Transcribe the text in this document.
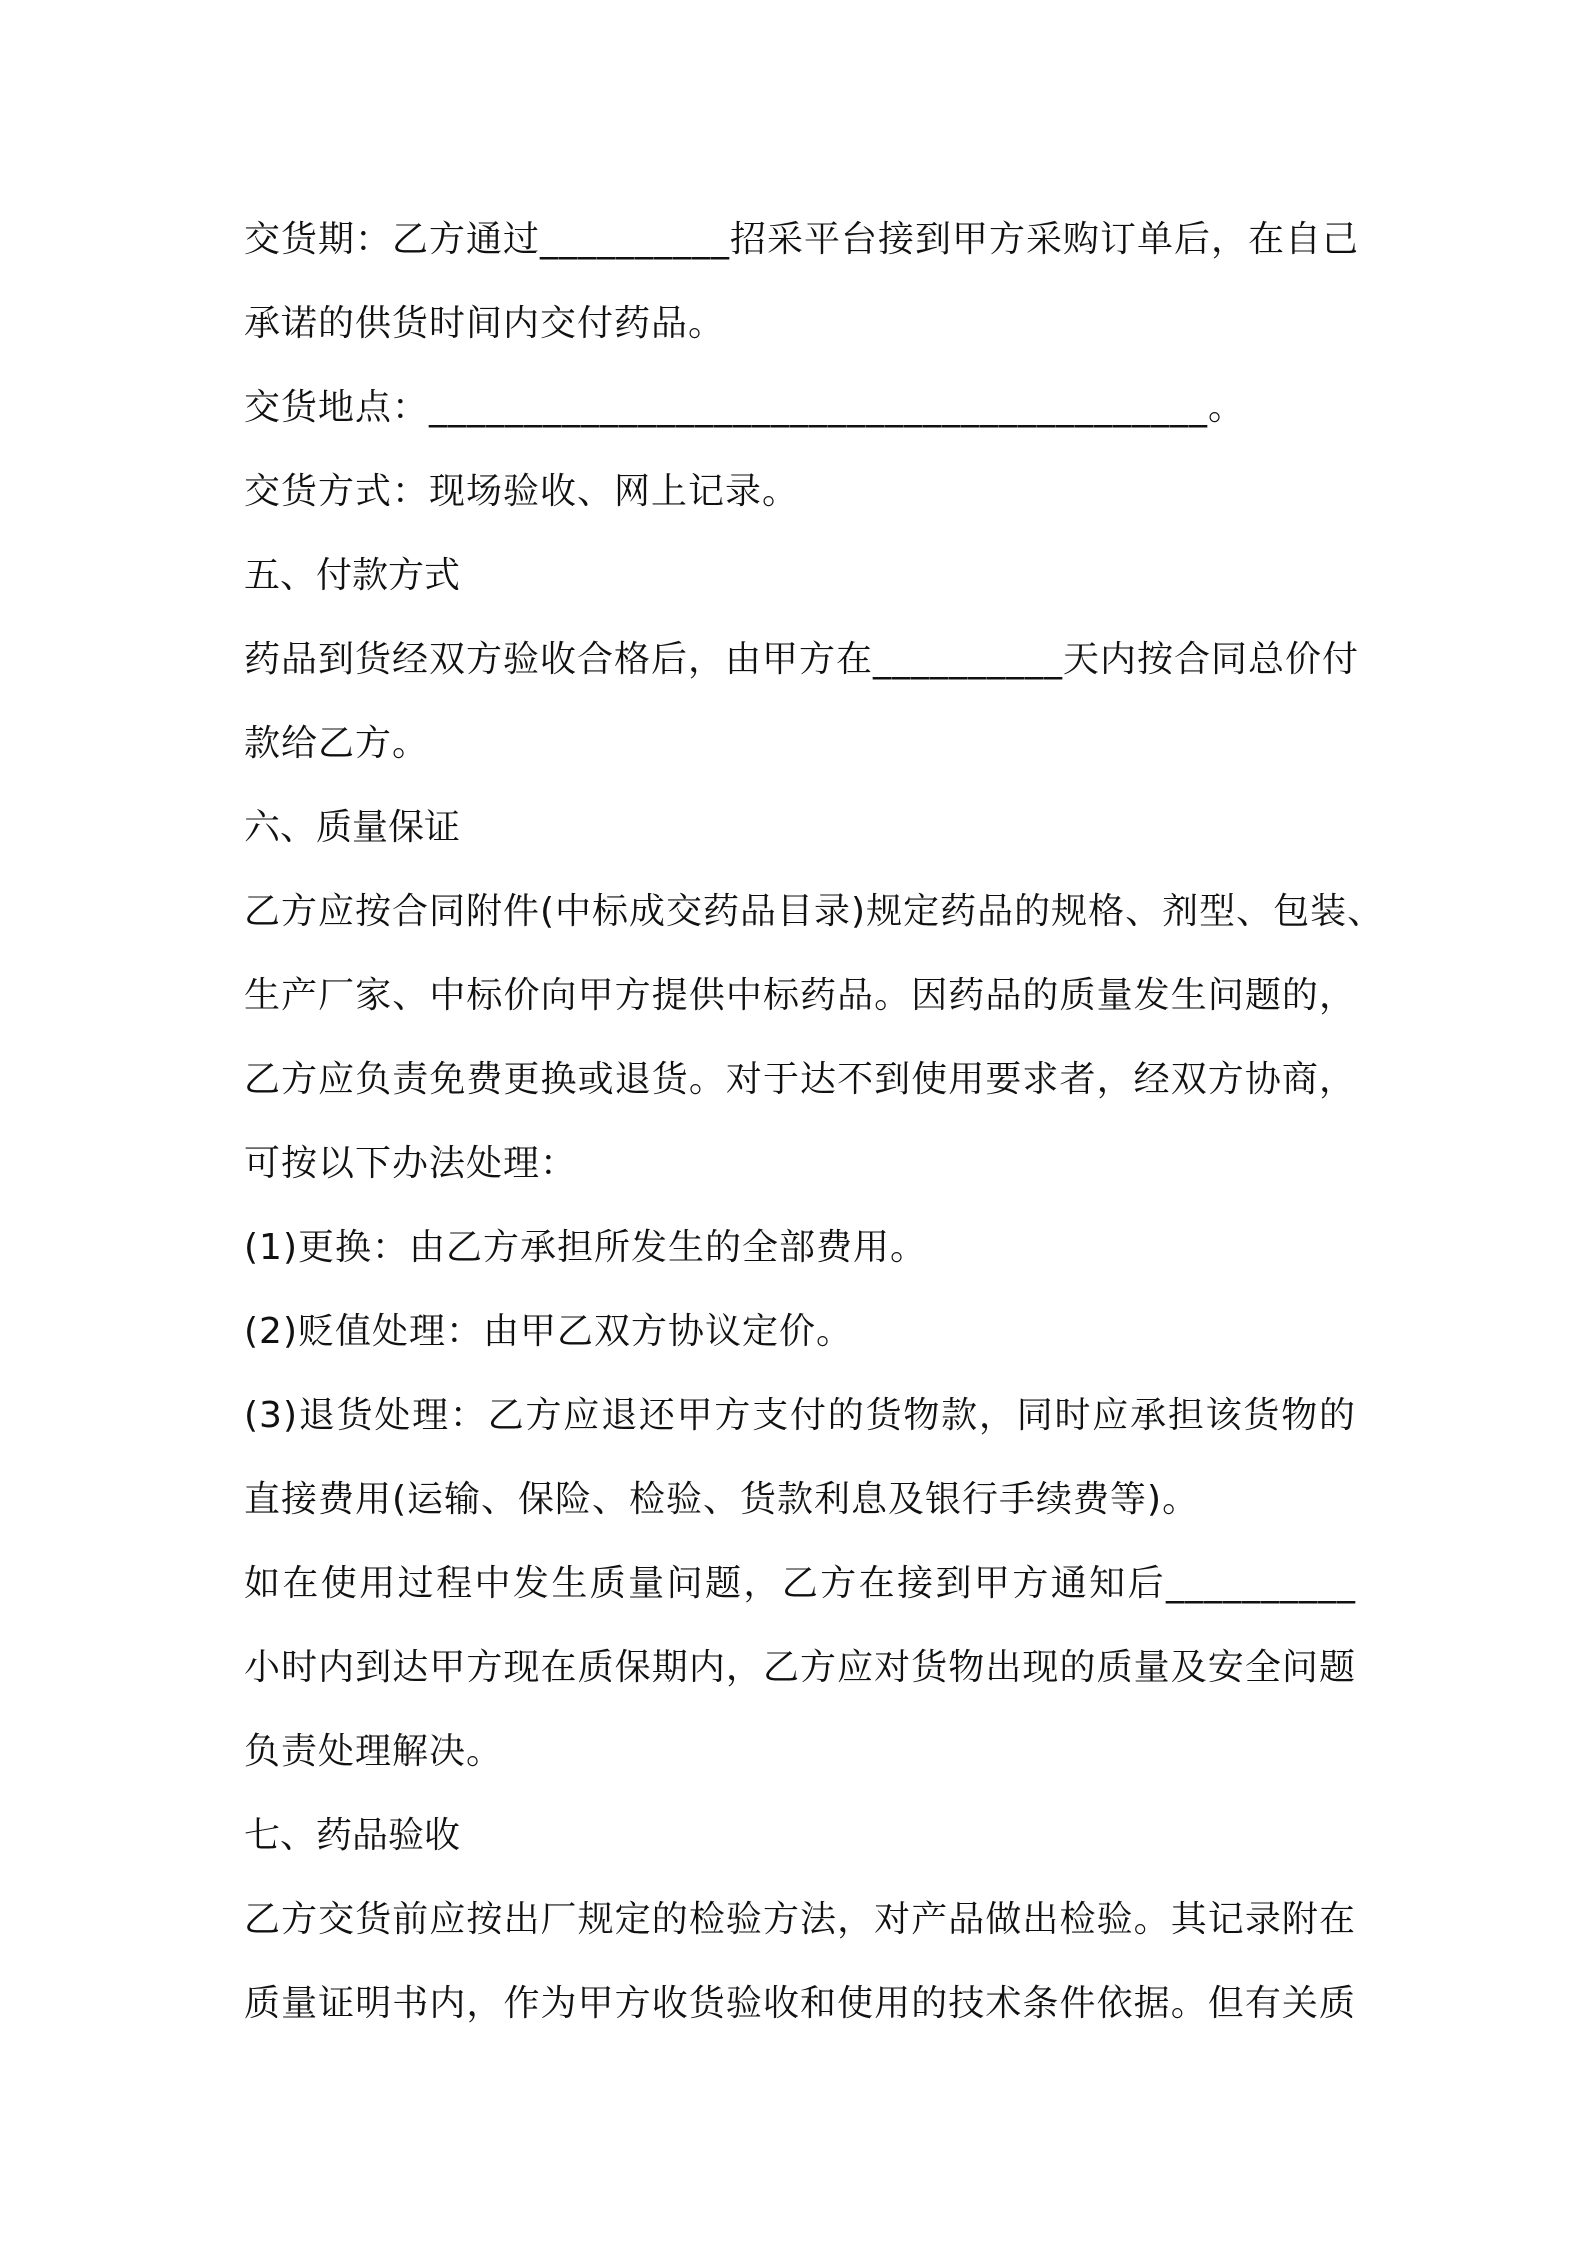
交货期：乙方通过__________招采平台接到甲方采购订单后，在自己
承诺的供货时间内交付药品。
交货地点：_________________________________________。
交货方式：现场验收、网上记录。
五、付款方式
药品到货经双方验收合格后，由甲方在__________天内按合同总价付
款给乙方。
六、质量保证
乙方应按合同附件(中标成交药品目录)规定药品的规格、剂型、包装、
生产厂家、中标价向甲方提供中标药品。因药品的质量发生问题的，
乙方应负责免费更换或退货。对于达不到使用要求者，经双方协商，
可按以下办法处理：
(1)更换：由乙方承担所发生的全部费用。
(2)贬值处理：由甲乙双方协议定价。
(3)退货处理：乙方应退还甲方支付的货物款，同时应承担该货物的
直接费用(运输、保险、检验、货款利息及银行手续费等)。
如在使用过程中发生质量问题，乙方在接到甲方通知后__________
小时内到达甲方现在质保期内，乙方应对货物出现的质量及安全问题
负责处理解决。
七、药品验收
乙方交货前应按出厂规定的检验方法，对产品做出检验。其记录附在
质量证明书内，作为甲方收货验收和使用的技术条件依据。但有关质
